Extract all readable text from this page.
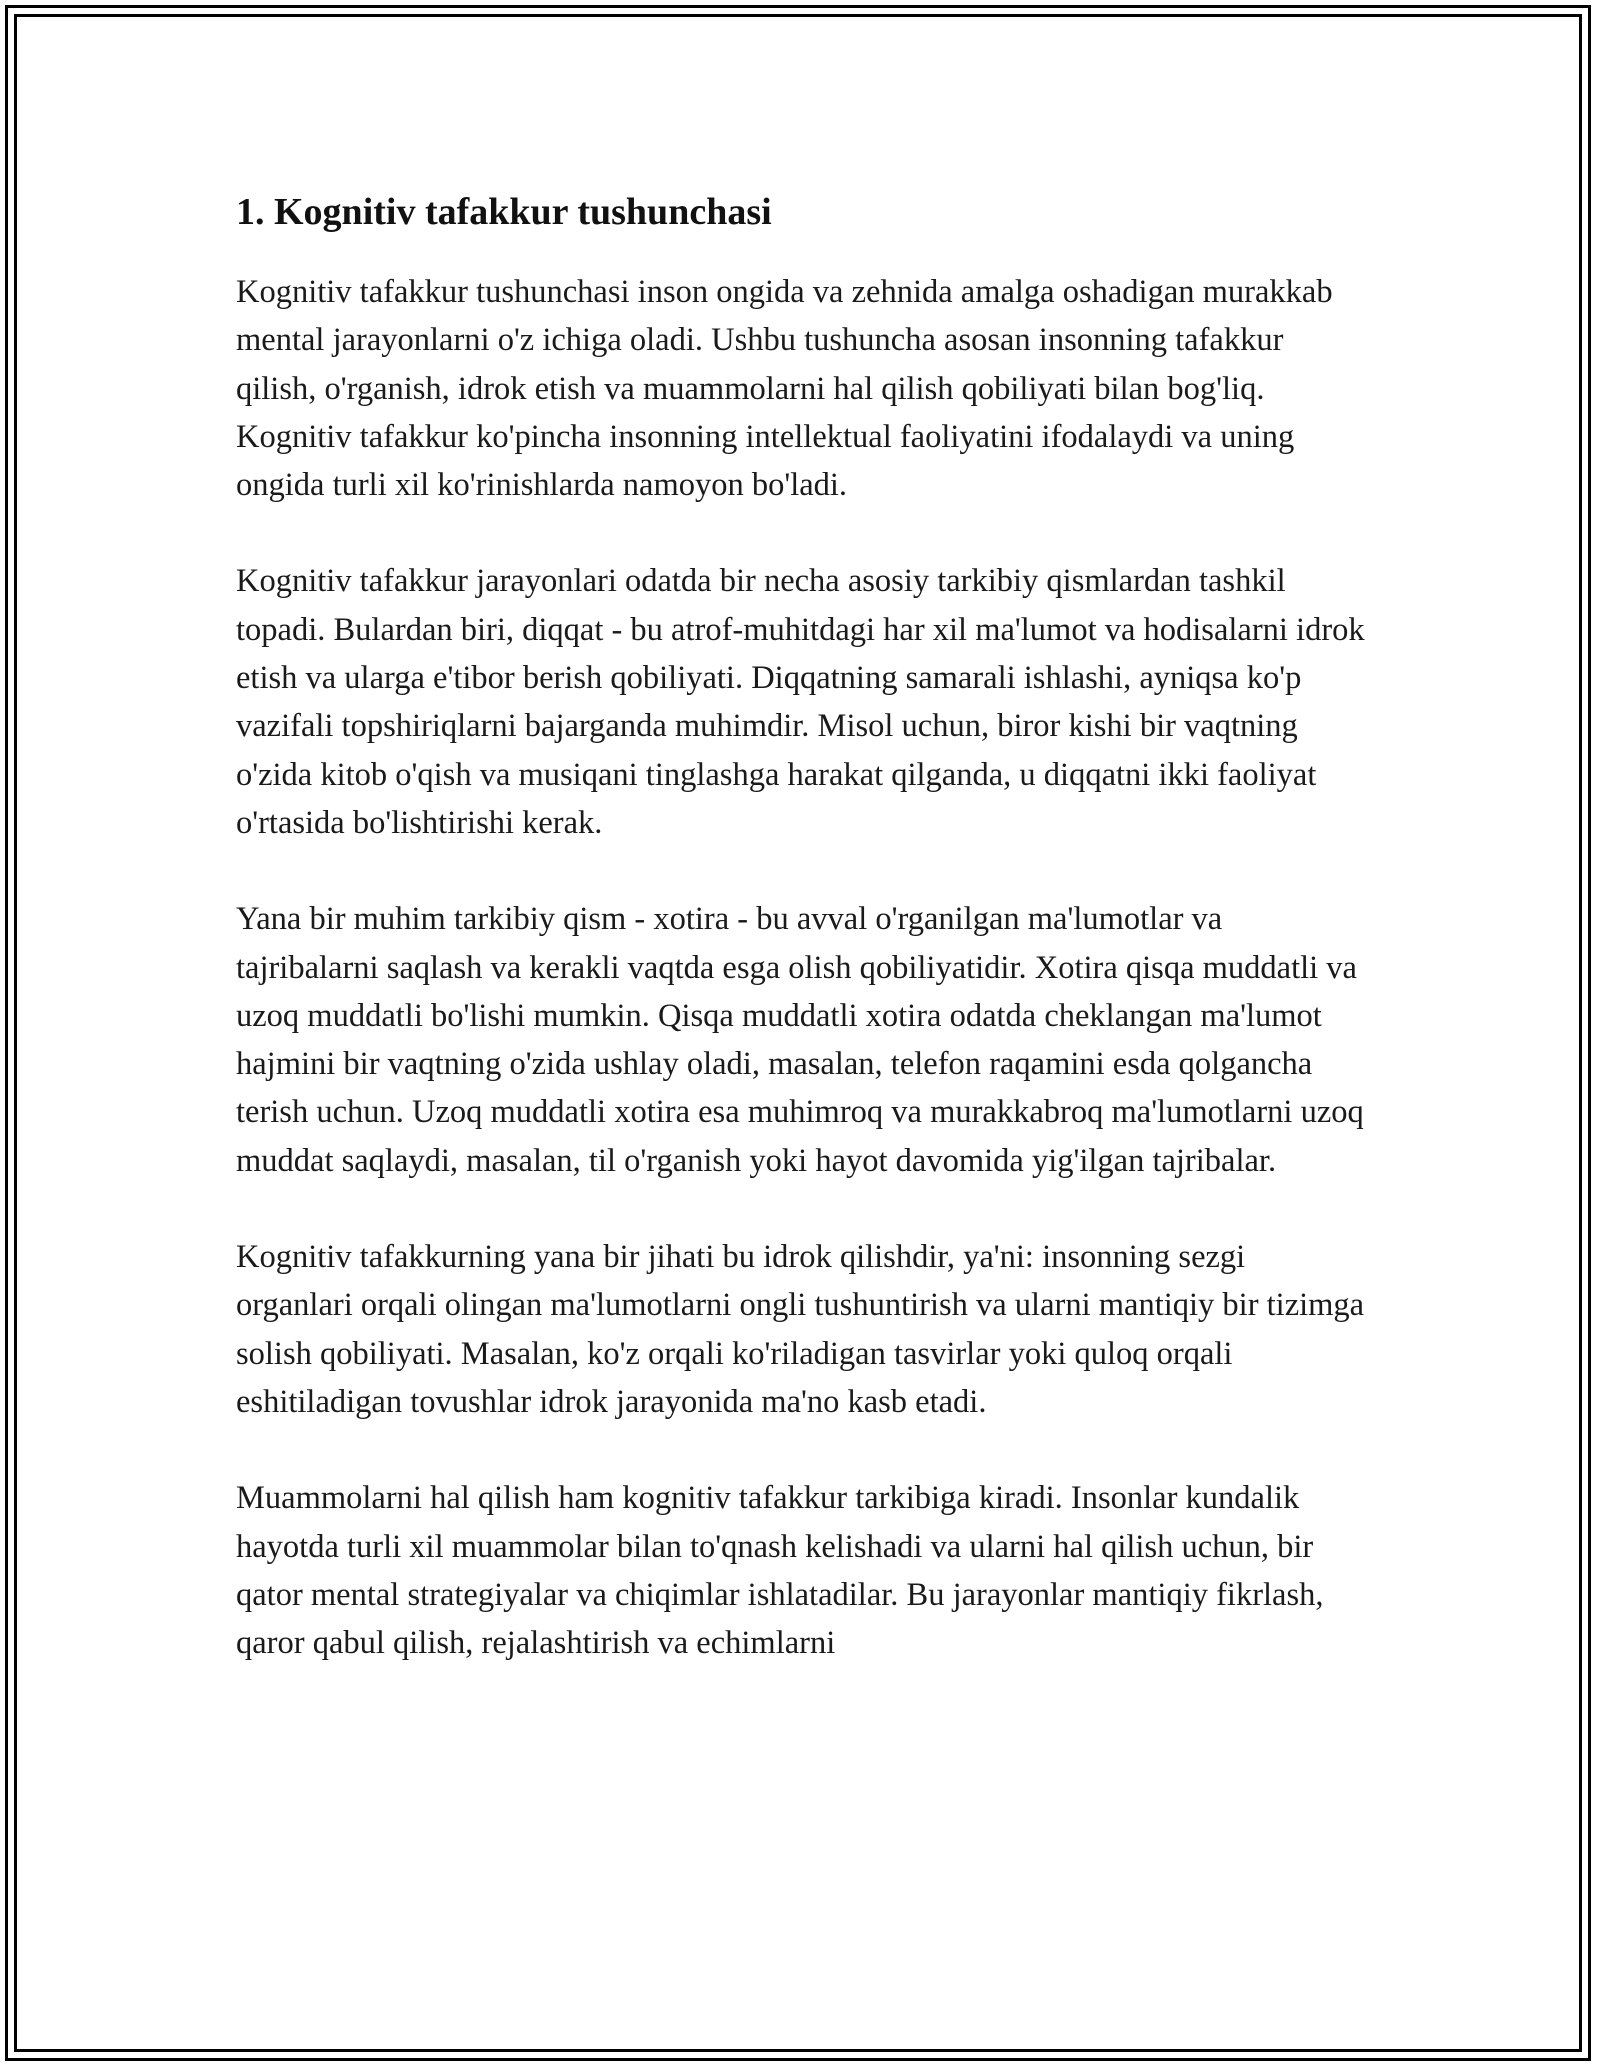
1. Kognitiv tafakkur tushunchasi

Kognitiv tafakkur tushunchasi inson ongida va zehnida amalga oshadigan murakkab mental jarayonlarni o'z ichiga oladi. Ushbu tushuncha asosan insonning tafakkur qilish, o'rganish, idrok etish va muammolarni hal qilish qobiliyati bilan bog'liq. Kognitiv tafakkur ko'pincha insonning intellektual faoliyatini ifodalaydi va uning ongida turli xil ko'rinishlarda namoyon bo'ladi.

Kognitiv tafakkur jarayonlari odatda bir necha asosiy tarkibiy qismlardan tashkil topadi. Bulardan biri, diqqat - bu atrof-muhitdagi har xil ma'lumot va hodisalarni idrok etish va ularga e'tibor berish qobiliyati. Diqqatning samarali ishlashi, ayniqsa ko'p vazifali topshiriqlarni bajarganda muhimdir. Misol uchun, biror kishi bir vaqtning o'zida kitob o'qish va musiqani tinglashga harakat qilganda, u diqqatni ikki faoliyat o'rtasida bo'lishtirishi kerak.

Yana bir muhim tarkibiy qism - xotira - bu avval o'rganilgan ma'lumotlar va tajribalarni saqlash va kerakli vaqtda esga olish qobiliyatidir. Xotira qisqa muddatli va uzoq muddatli bo'lishi mumkin. Qisqa muddatli xotira odatda cheklangan ma'lumot hajmini bir vaqtning o'zida ushlay oladi, masalan, telefon raqamini esda qolgancha terish uchun. Uzoq muddatli xotira esa muhimroq va murakkabroq ma'lumotlarni uzoq muddat saqlaydi, masalan, til o'rganish yoki hayot davomida yig'ilgan tajribalar.

Kognitiv tafakkurning yana bir jihati bu idrok qilishdir, ya'ni: insonning sezgi organlari orqali olingan ma'lumotlarni ongli tushuntirish va ularni mantiqiy bir tizimga solish qobiliyati. Masalan, ko'z orqali ko'riladigan tasvirlar yoki quloq orqali eshitiladigan tovushlar idrok jarayonida ma'no kasb etadi.

Muammolarni hal qilish ham kognitiv tafakkur tarkibiga kiradi. Insonlar kundalik hayotda turli xil muammolar bilan to'qnash kelishadi va ularni hal qilish uchun, bir qator mental strategiyalar va chiqimlar ishlatadilar. Bu jarayonlar mantiqiy fikrlash, qaror qabul qilish, rejalashtirish va echimlarni
